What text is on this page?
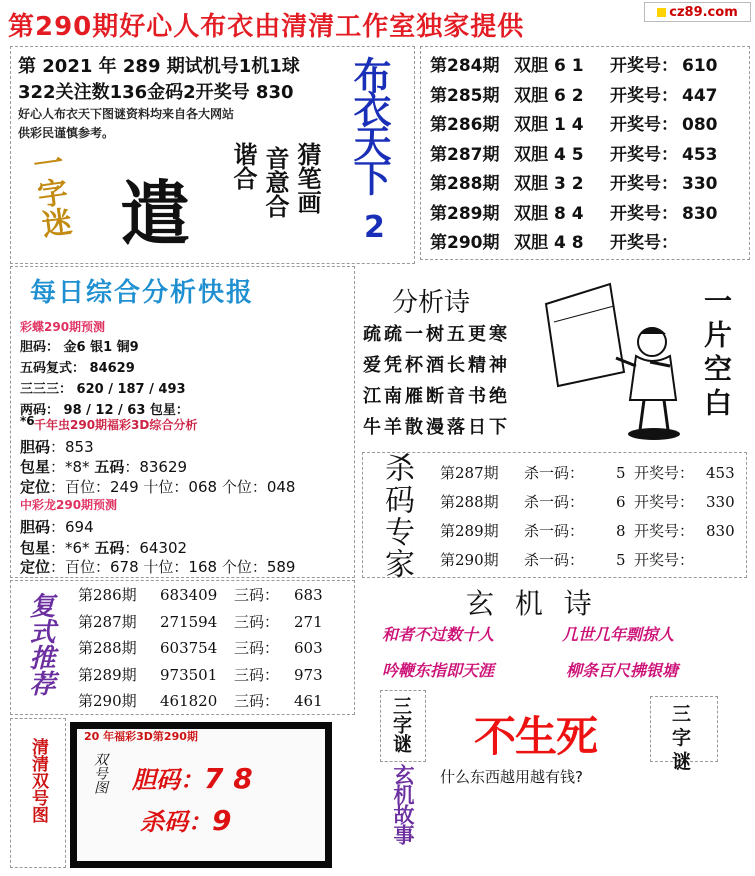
第290期好心人布衣由清清工作室独家提供	cz89.com
第 2021 年 289 期试机号1机1球
322关注数136金码2开奖号 830
好心人布衣天下图谜资料均来自各大网站
供彩民谨慎参考。
一字迷 遣	猜笔画
音意合
谐合 布衣天下
2
第284期 双胆 6 1 开奖号： 610
第285期 双胆 6 2 开奖号： 447
第286期 双胆 1 4 开奖号： 080
第287期 双胆 4 5 开奖号： 453
第288期 双胆 3 2 开奖号： 330
第289期 双胆 8 4 开奖号： 830
第290期 双胆 4 8 开奖号：
每日综合分析快报
彩蝶290期预测
胆码： 金6 银1 铜9
五码复式： 84629
三三三： 620 / 187 / 493
两码： 98 / 12 / 63 包星：
*6 千年虫290期福彩3D综合分析
胆码：853
包星：*8* 五码：83629
定位：百位：249 十位：068 个位：048
中彩龙290期预测
胆码：694
包星：*6* 五码：64302
定位：百位：678 十位：168 个位：589
分析诗
疏疏一树五更寒
爱凭杯酒长精神
江南雁断音书绝
牛羊散漫落日下
一片空白
杀码专家 第287期 杀一码： 5 开奖号： 453
第288期 杀一码： 6 开奖号： 330
第289期 杀一码： 8 开奖号： 830
第290期 杀一码： 5 开奖号：
玄 机 诗
和者不过数十人	几世几年剽掠人
吟鞭东指即天涯	柳条百尺拂银塘
复式推荐 第286期 683409 三码： 683
第287期 271594 三码： 271
第288期 603754 三码： 603
第289期 973501 三码： 973
第290期 461820 三码： 461
清清双号图
20 年福彩3D第290期
双号图 胆码：7 8
杀码：9
三字谜	三字谜
不生死
什么东西越用越有钱?
玄机故事
